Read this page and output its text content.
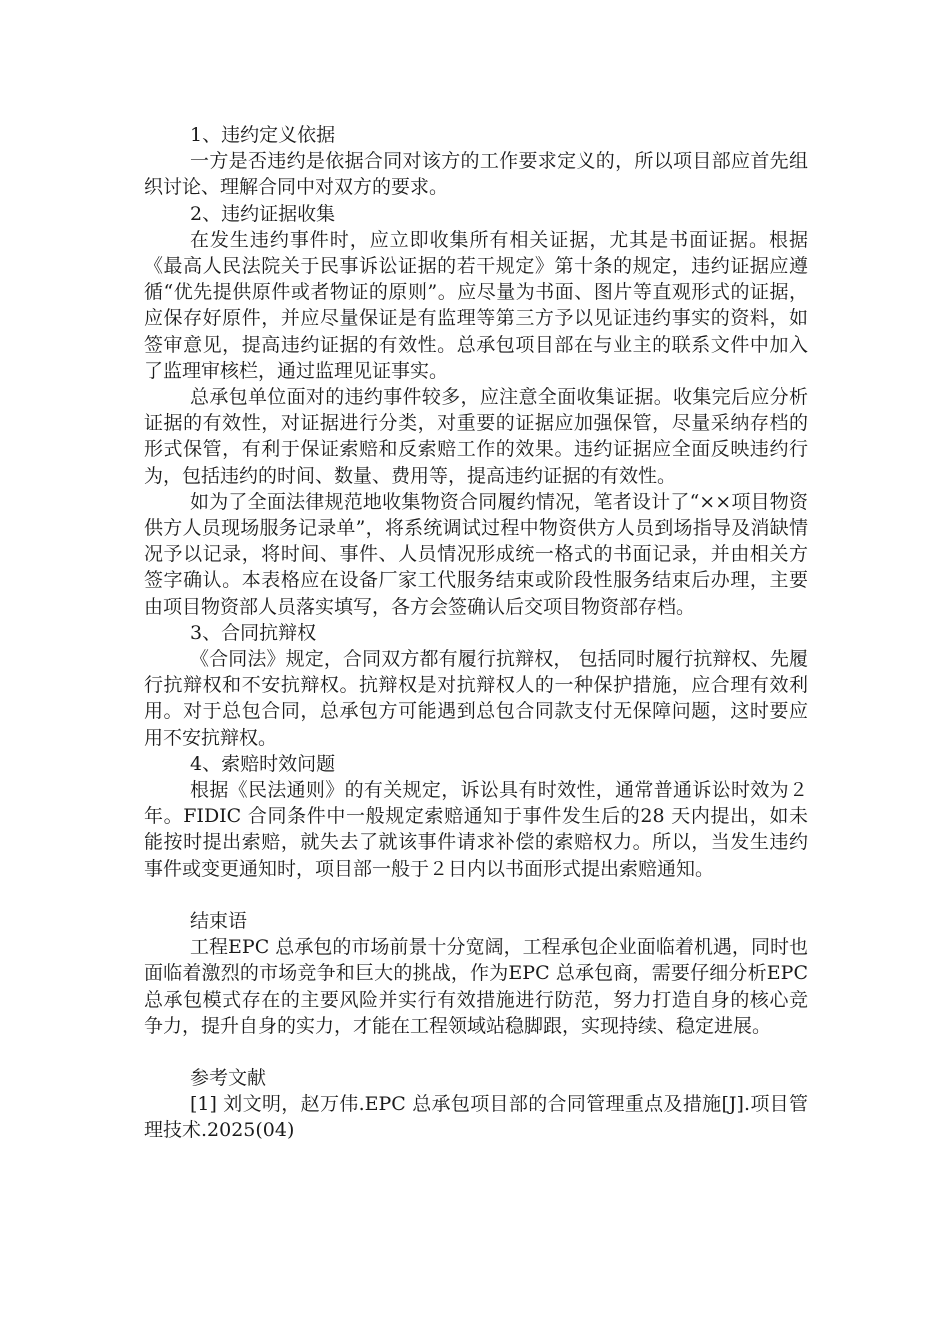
1、违约定义依据

一方是否违约是依据合同对该方的工作要求定义的，所以项目部应首先组织讨论、理解合同中对双方的要求。

2、违约证据收集

在发生违约事件时，应立即收集所有相关证据，尤其是书面证据。根据《最高人民法院关于民事诉讼证据的若干规定》第十条的规定，违约证据应遵循“优先提供原件或者物证的原则”。应尽量为书面、图片等直观形式的证据，应保存好原件，并应尽量保证是有监理等第三方予以见证违约事实的资料，如签审意见，提高违约证据的有效性。总承包项目部在与业主的联系文件中加入了监理审核栏，通过监理见证事实。

总承包单位面对的违约事件较多，应注意全面收集证据。收集完后应分析证据的有效性，对证据进行分类，对重要的证据应加强保管，尽量采纳存档的形式保管，有利于保证索赔和反索赔工作的效果。违约证据应全面反映违约行为，包括违约的时间、数量、费用等，提高违约证据的有效性。

如为了全面法律规范地收集物资合同履约情况，笔者设计了“××项目物资供方人员现场服务记录单”，将系统调试过程中物资供方人员到场指导及消缺情况予以记录，将时间、事件、人员情况形成统一格式的书面记录，并由相关方签字确认。本表格应在设备厂家工代服务结束或阶段性服务结束后办理，主要由项目物资部人员落实填写，各方会签确认后交项目物资部存档。

3、合同抗辩权

《合同法》规定，合同双方都有履行抗辩权， 包括同时履行抗辩权、先履行抗辩权和不安抗辩权。抗辩权是对抗辩权人的一种保护措施，应合理有效利用。对于总包合同，总承包方可能遇到总包合同款支付无保障问题，这时要应用不安抗辩权。

4、索赔时效问题

根据《民法通则》的有关规定，诉讼具有时效性，通常普通诉讼时效为２年。FIDIC 合同条件中一般规定索赔通知于事件发生后的28 天内提出，如未能按时提出索赔，就失去了就该事件请求补偿的索赔权力。所以，当发生违约事件或变更通知时，项目部一般于２日内以书面形式提出索赔通知。

结束语

工程EPC 总承包的市场前景十分宽阔，工程承包企业面临着机遇，同时也面临着激烈的市场竞争和巨大的挑战，作为EPC 总承包商，需要仔细分析EPC 总承包模式存在的主要风险并实行有效措施进行防范，努力打造自身的核心竞争力，提升自身的实力，才能在工程领域站稳脚跟，实现持续、稳定进展。

参考文献

[1] 刘文明，赵万伟.EPC 总承包项目部的合同管理重点及措施[J].项目管理技术.2025(04)
